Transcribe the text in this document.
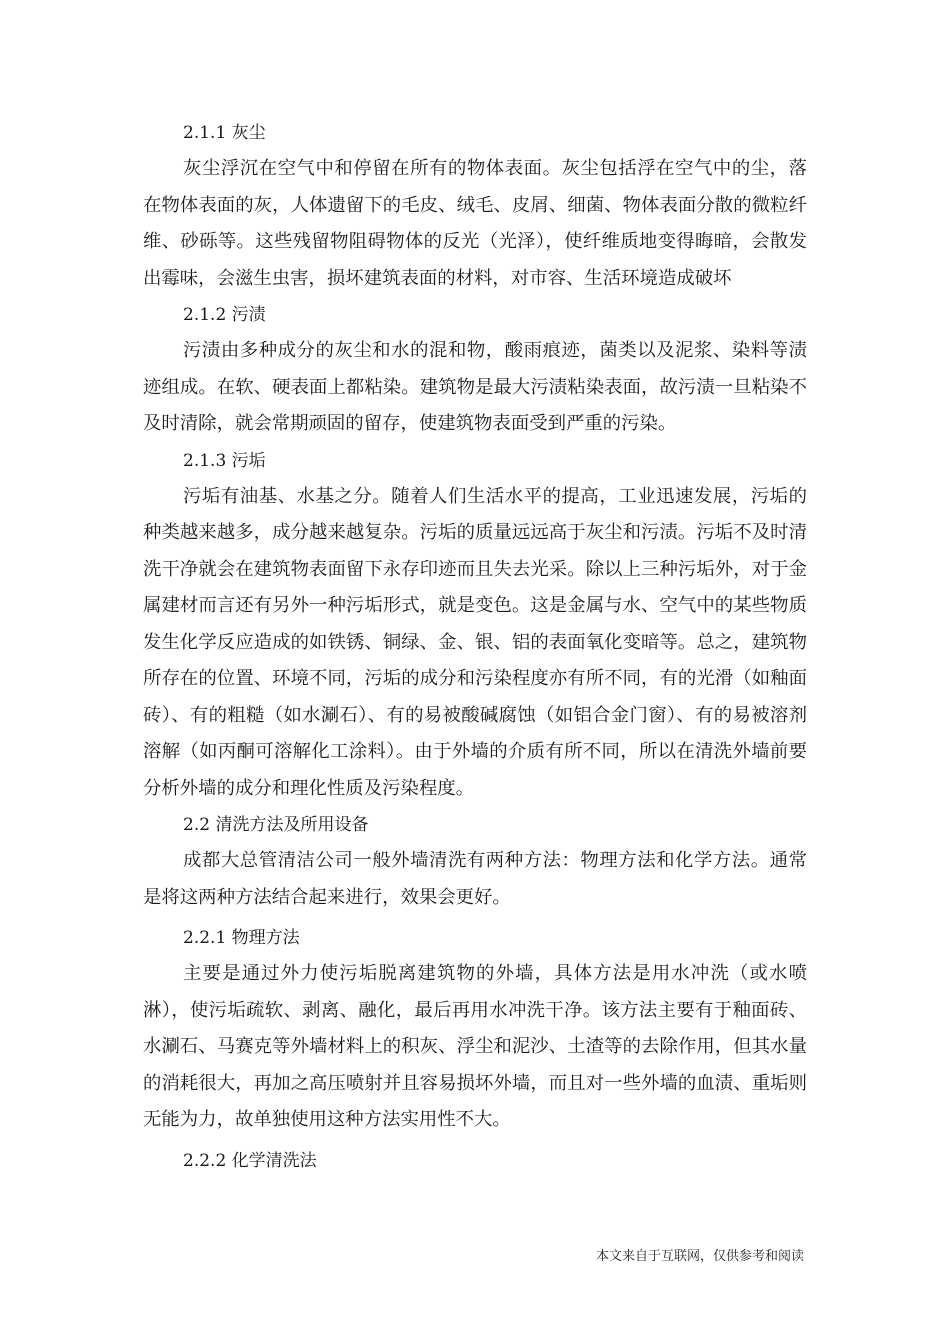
2.1.1 灰尘

灰尘浮沉在空气中和停留在所有的物体表面。灰尘包括浮在空气中的尘，落在物体表面的灰，人体遗留下的毛皮、绒毛、皮屑、细菌、物体表面分散的微粒纤维、砂砾等。这些残留物阻碍物体的反光（光泽），使纤维质地变得晦暗，会散发出霉味，会滋生虫害，损坏建筑表面的材料，对市容、生活环境造成破坏

2.1.2 污渍

污渍由多种成分的灰尘和水的混和物，酸雨痕迹，菌类以及泥浆、染料等渍迹组成。在软、硬表面上都粘染。建筑物是最大污渍粘染表面，故污渍一旦粘染不及时清除，就会常期顽固的留存，使建筑物表面受到严重的污染。

2.1.3 污垢

污垢有油基、水基之分。随着人们生活水平的提高，工业迅速发展，污垢的种类越来越多，成分越来越复杂。污垢的质量远远高于灰尘和污渍。污垢不及时清洗干净就会在建筑物表面留下永存印迹而且失去光采。除以上三种污垢外，对于金属建材而言还有另外一种污垢形式，就是变色。这是金属与水、空气中的某些物质发生化学反应造成的如铁锈、铜绿、金、银、铝的表面氧化变暗等。总之，建筑物所存在的位置、环境不同，污垢的成分和污染程度亦有所不同，有的光滑（如釉面砖）、有的粗糙（如水涮石）、有的易被酸碱腐蚀（如铝合金门窗）、有的易被溶剂溶解（如丙酮可溶解化工涂料）。由于外墙的介质有所不同，所以在清洗外墙前要分析外墙的成分和理化性质及污染程度。

2.2 清洗方法及所用设备

成都大总管清洁公司一般外墙清洗有两种方法：物理方法和化学方法。通常是将这两种方法结合起来进行，效果会更好。

2.2.1 物理方法

主要是通过外力使污垢脱离建筑物的外墙，具体方法是用水冲洗（或水喷淋），使污垢疏软、剥离、融化，最后再用水冲洗干净。该方法主要有于釉面砖、水涮石、马赛克等外墙材料上的积灰、浮尘和泥沙、土渣等的去除作用，但其水量的消耗很大，再加之高压喷射并且容易损坏外墙，而且对一些外墙的血渍、重垢则无能为力，故单独使用这种方法实用性不大。

2.2.2 化学清洗法
本文来自于互联网，仅供参考和阅读
